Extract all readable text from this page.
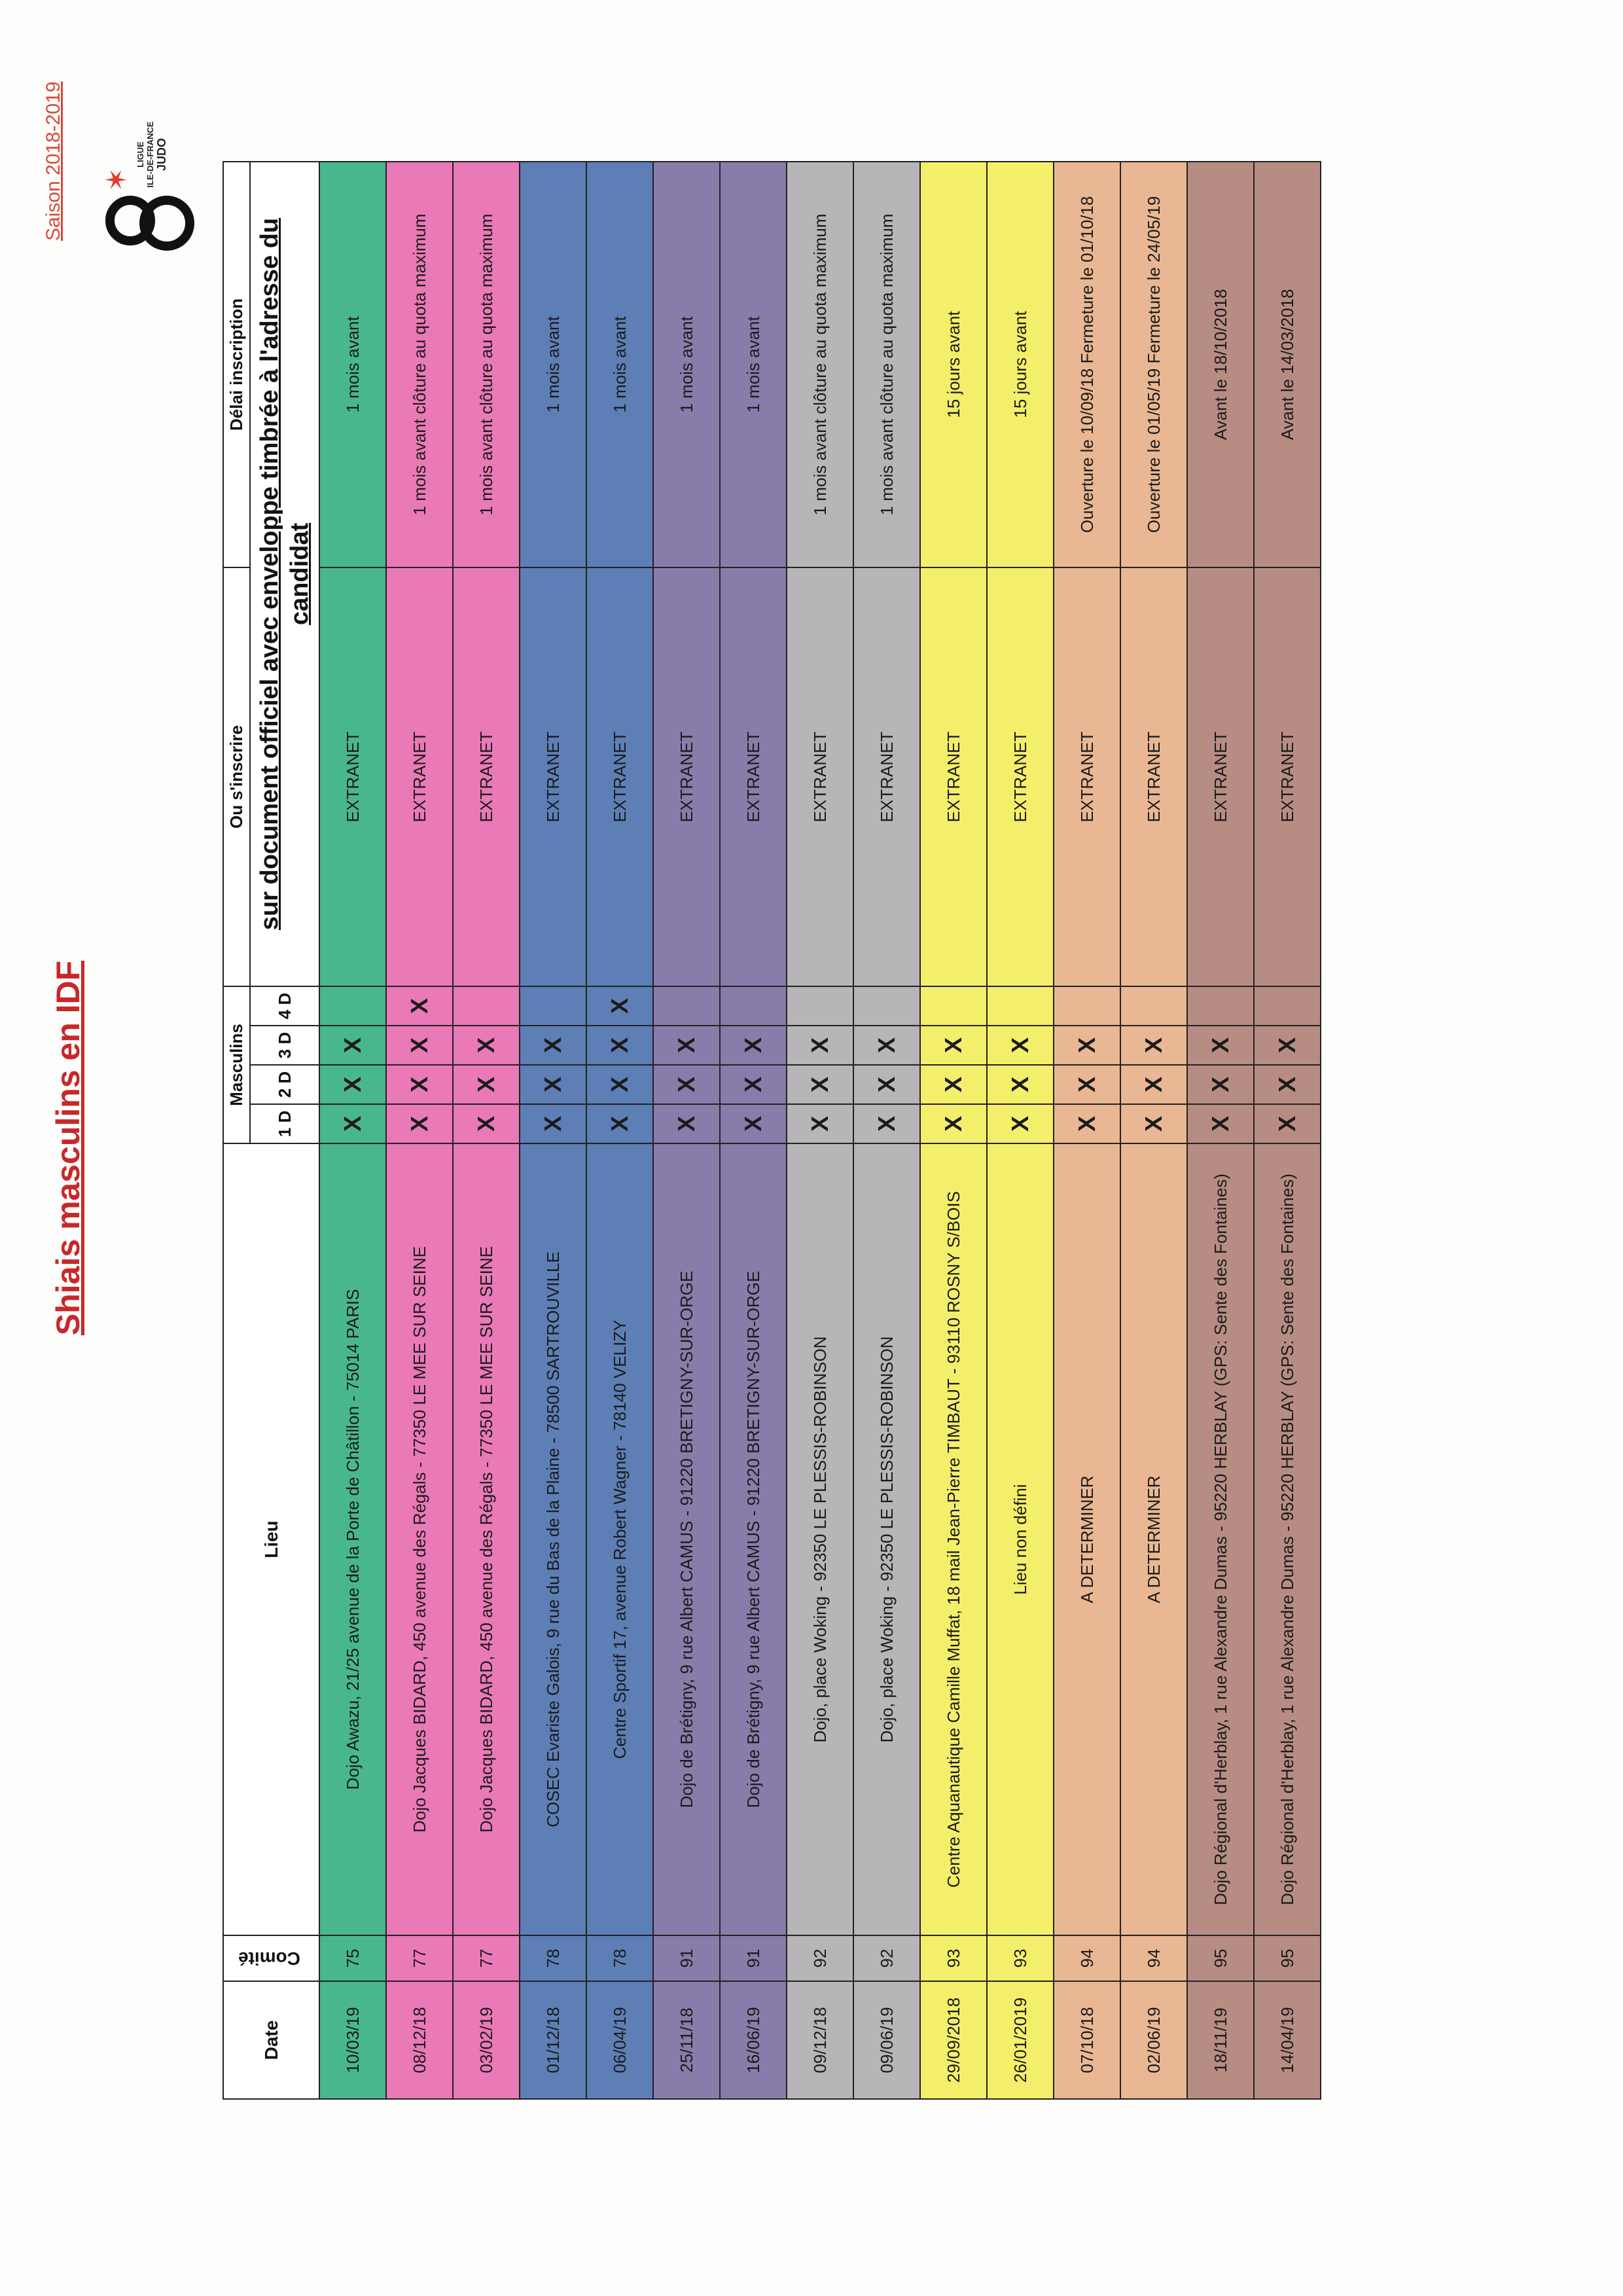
Saison 2018-2019
Shiais masculins en IDF
✶
LIGUE ILE-DE-FRANCE JUDO
Date	Comité	Lieu	Masculins				Ou s'inscrire	Délai inscription
			1 D	2 D	3 D	4 D	sur document officiel avec enveloppe timbrée à l'adresse du candidat	
10/03/19	75	Dojo Awazu, 21/25 avenue de la Porte de Châtillon - 75014 PARIS	X	X	X		EXTRANET	1 mois avant
08/12/18	77	Dojo Jacques BIDARD, 450 avenue des Régals - 77350 LE MEE SUR SEINE	X	X	X	X	EXTRANET	1 mois avant clôture au quota maximum
03/02/19	77	Dojo Jacques BIDARD, 450 avenue des Régals - 77350 LE MEE SUR SEINE	X	X	X		EXTRANET	1 mois avant clôture au quota maximum
01/12/18	78	COSEC Evariste Galois, 9 rue du Bas de la Plaine - 78500 SARTROUVILLE	X	X	X		EXTRANET	1 mois avant
06/04/19	78	Centre Sportif 17, avenue Robert Wagner - 78140 VELIZY	X	X	X	X	EXTRANET	1 mois avant
25/11/18	91	Dojo de Brétigny, 9 rue Albert CAMUS - 91220 BRETIGNY-SUR-ORGE	X	X	X		EXTRANET	1 mois avant
16/06/19	91	Dojo de Brétigny, 9 rue Albert CAMUS - 91220 BRETIGNY-SUR-ORGE	X	X	X		EXTRANET	1 mois avant
09/12/18	92	Dojo, place Woking - 92350 LE PLESSIS-ROBINSON	X	X	X		EXTRANET	1 mois avant clôture au quota maximum
09/06/19	92	Dojo, place Woking - 92350 LE PLESSIS-ROBINSON	X	X	X		EXTRANET	1 mois avant clôture au quota maximum
29/09/2018	93	Centre Aquanautique Camille Muffat, 18 mail Jean-Pierre TIMBAUT - 93110 ROSNY S/BOIS	X	X	X		EXTRANET	15 jours avant
26/01/2019	93	Lieu non défini	X	X	X		EXTRANET	15 jours avant
07/10/18	94	A DETERMINER	X	X	X		EXTRANET	Ouverture le 10/09/18 Fermeture le 01/10/18
02/06/19	94	A DETERMINER	X	X	X		EXTRANET	Ouverture le 01/05/19 Fermeture le 24/05/19
18/11/19	95	Dojo Régional d'Herblay, 1 rue Alexandre Dumas - 95220 HERBLAY (GPS: Sente des Fontaines)	X	X	X		EXTRANET	Avant le 18/10/2018
14/04/19	95	Dojo Régional d'Herblay, 1 rue Alexandre Dumas - 95220 HERBLAY (GPS: Sente des Fontaines)	X	X	X		EXTRANET	Avant le 14/03/2018
